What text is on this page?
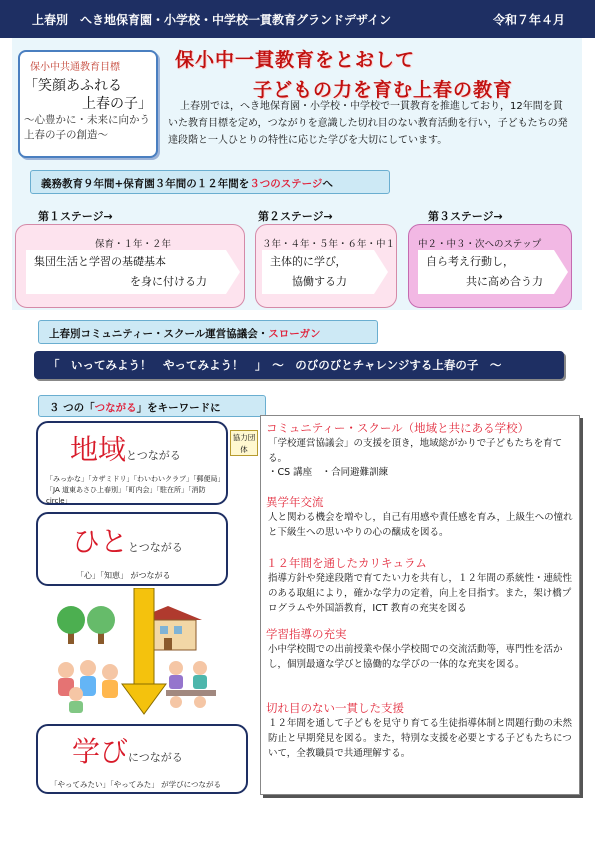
上春別　へき地保育園・小学校・中学校一貫教育グランドデザイン	令和７年４月
保小中共通教育目標
「笑顔あふれる
上春の子」
～心豊かに・未来に向かう上春の子の創造～
保小中一貫教育をとおして
子どもの力を育む上春の教育
上春別では，へき地保育園・小学校・中学校で一貫教育を推進しており，12年間を貫いた教育目標を定め，つながりを意識した切れ目のない教育活動を行い，子どもたちの発達段階と一人ひとりの特性に応じた学びを大切にしています。
義務教育９年間+保育園３年間の１２年間を３つのステージへ
第１ステージ→	第２ステージ→	第３ステージ→
保育・１年・２年	３年・４年・５年・６年・中１ 中２・中３・次へのステップ
集団生活と学習の基礎基本
を身に付ける力
主体的に学び，
協働する力
自ら考え行動し，
共に高め合う力
上春別コミュニティー・スクール運営協議会・スローガン
「　いってみよう！　やってみよう！　」　～　のびのびとチャレンジする上春の子　～
３ つの「つながる」をキーワードに
地域とつながる
「みっかな」「カザミドリ」「わいわいクラブ」「郵便局」「JA 道東あさひ上春別」「町内会」「駐在所」「消防 circle」
協力団体
ひととつながる
「心」「知恵」 がつながる
学びにつながる
「やってみたい」「やってみた」 が学びにつながる
コミュニティー・スクール（地域と共にある学校）
「学校運営協議会」の支援を頂き，地域総がかりで子どもたちを育てる。
・CS 講座　・合同避難訓練
異学年交流
人と関わる機会を増やし，自己有用感や責任感を育み，上級生への憧れと下級生への思いやりの心の醸成を図る。
１２年間を通したカリキュラム
指導方針や発達段階で育てたい力を共有し，１２年間の系統性・連続性のある取組により，確かな学力の定着，向上を目指す。また，架け橋プログラムや外国語教育，ICT 教育の充実を図る
学習指導の充実
小中学校間での出前授業や保小学校間での交流活動等，専門性を活かし，個別最適な学びと協働的な学びの一体的な充実を図る。
切れ目のない一貫した支援
１２年間を通して子どもを見守り育てる生徒指導体制と問題行動の未然防止と早期発見を図る。また，特別な支援を必要とする子どもたちについて，全教職員で共通理解する。
